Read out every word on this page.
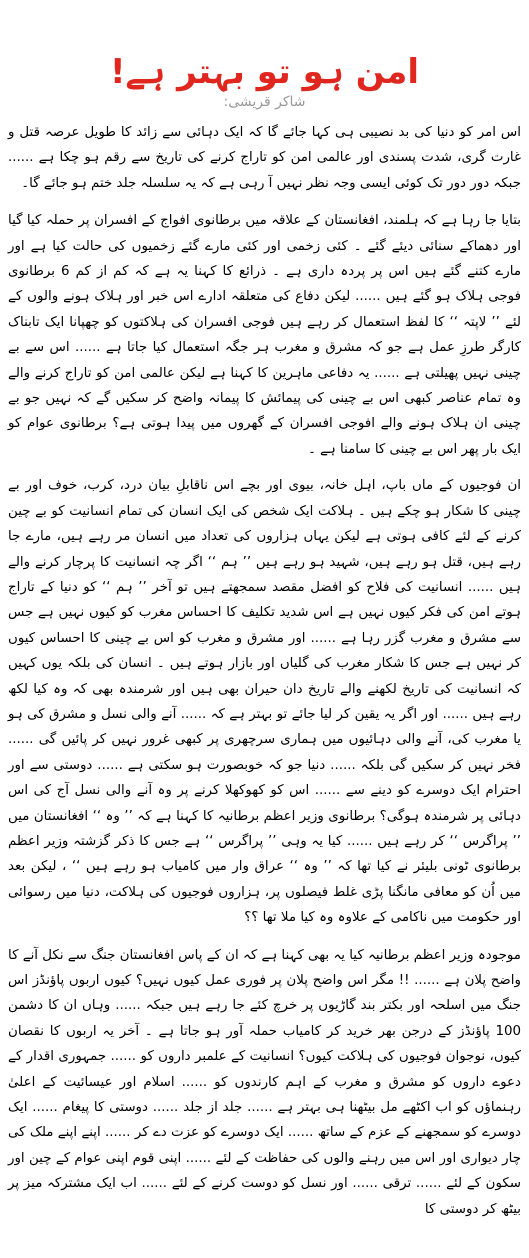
امن ہو تو بہتر ہے!
شاکر قریشی:

اس امر کو دنیا کی بد نصیبی ہی کہا جائے گا کہ ایک دہائی سے زائد کا طویل عرصہ قتل و غارت گری، شدت پسندی اور عالمی امن کو تاراج کرنے کی تاریخ سے رقم ہو چکا ہے ...... جبکہ دور دور تک کوئی ایسی وجہ نظر نہیں آ رہی ہے کہ یہ سلسلہ جلد ختم ہو جائے گا۔

بتایا جا رہا ہے کہ ہلمند، افغانستان کے علاقہ میں برطانوی افواج کے افسران پر حملہ کیا گیا اور دھماکے سنائی دیئے گئے ۔ کئی زخمی اور کئی مارے گئے زخمیوں کی حالت کیا ہے اور مارے کتنے گئے ہیں اس پر پردہ داری ہے ۔ ذرائع کا کہنا یہ ہے کہ کم از کم 6 برطانوی فوجی ہلاک ہو گئے ہیں ...... لیکن دفاع کی متعلقہ ادارے اس خبر اور ہلاک ہونے والوں کے لئے ’’ لاپتہ ‘‘ کا لفظ استعمال کر رہے ہیں فوجی افسران کی ہلاکتوں کو چھپانا ایک تابناک کارگر طرزِ عمل ہے جو کہ مشرق و مغرب ہر جگہ استعمال کیا جاتا ہے ...... اس سے بے چینی نہیں پھیلتی ہے ...... یہ دفاعی ماہرین کا کہنا ہے لیکن عالمی امن کو تاراج کرنے والے وہ تمام عناصر کبھی اس بے چینی کی پیمائش کا پیمانہ واضح کر سکیں گے کہ نہیں جو بے چینی ان ہلاک ہونے والے افوجی افسران کے گھروں میں پیدا ہوتی ہے؟ برطانوی عوام کو ایک بار پھر اس بے چینی کا سامنا ہے ۔

ان فوجیوں کے ماں باپ، اہل خانہ، بیوی اور بچے اس ناقابلِ بیان درد، کرب، خوف اور بے چینی کا شکار ہو چکے ہیں ۔ ہلاکت ایک شخص کی ایک انسان کی تمام انسانیت کو بے چین کرنے کے لئے کافی ہوتی ہے لیکن یہاں ہزاروں کی تعداد میں انسان مر رہے ہیں، مارے جا رہے ہیں، قتل ہو رہے ہیں، شہید ہو رہے ہیں ’’ ہم ‘‘ اگر چہ انسانیت کا پرچار کرنے والے ہیں ...... انسانیت کی فلاح کو افضل مقصد سمجھتے ہیں تو آخر ’’ ہم ‘‘ کو دنیا کے تاراج ہوتے امن کی فکر کیوں نہیں ہے اس شدید تکلیف کا احساس مغرب کو کیوں نہیں ہے جس سے مشرق و مغرب گزر رہا ہے ...... اور مشرق و مغرب کو اس بے چینی کا احساس کیوں کر نہیں ہے جس کا شکار مغرب کی گلیاں اور بازار ہوتے ہیں ۔ انسان کی بلکہ یوں کہیں کہ انسانیت کی تاریخ لکھنے والے تاریخ دان حیران بھی ہیں اور شرمندہ بھی کہ وہ کیا لکھ رہے ہیں ...... اور اگر یہ یقین کر لیا جائے تو بہتر ہے کہ ...... آنے والی نسل و مشرق کی ہو یا مغرب کی، آنے والی دہائیوں میں ہماری سرچھری پر کبھی غرور نہیں کر پائیں گی ...... فخر نہیں کر سکیں گی بلکہ ...... دنیا جو کہ خوبصورت ہو سکتی ہے ...... دوستی سے اور احترام ایک دوسرے کو دینے سے ...... اس کو کھوکھلا کرنے پر وہ آنے والی نسل آج کی اس دہائی پر شرمندہ ہوگی؟ برطانوی وزیر اعظم برطانیہ کا کہنا ہے کہ ’’ وہ ‘‘ افغانستان میں ’’ پراگرس ‘‘ کر رہے ہیں ...... کیا یہ وہی ’’ پراگرس ‘‘ ہے جس کا ذکر گزشتہ وزیر اعظم برطانوی ٹونی بلیئر نے کیا تھا کہ ’’ وہ ‘‘ عراق وار میں کامیاب ہو رہے ہیں ‘‘ ، لیکن بعد میں اُن کو معافی مانگنا پڑی غلط فیصلوں پر، ہزاروں فوجیوں کی ہلاکت، دنیا میں رسوائی اور حکومت میں ناکامی کے علاوہ وہ کیا ملا تھا ؟؟

موجودہ وزیر اعظم برطانیہ کیا یہ بھی کہنا ہے کہ ان کے پاس افغانستان جنگ سے نکل آنے کا واضح پلان ہے ...... !! مگر اس واضح پلان پر فوری عمل کیوں نہیں؟ کیوں اربوں پاؤنڈز اس جنگ میں اسلحہ اور بکتر بند گاڑیوں پر خرچ کئے جا رہے ہیں جبکہ ...... وہاں ان کا دشمن 100 پاؤنڈز کے درجن بھر خرید کر کامیاب حملہ آور ہو جاتا ہے ۔ آخر یہ اربوں کا نقصان کیوں، نوجوان فوجیوں کی ہلاکت کیوں؟ انسانیت کے علمبر داروں کو ...... جمہوری اقدار کے دعوے داروں کو مشرق و مغرب کے اہم کارندوں کو ...... اسلام اور عیسائیت کے اعلیٰ رہنماؤں کو اب اکٹھے مل بیٹھنا ہی بہتر ہے ...... جلد از جلد ...... دوستی کا پیغام ...... ایک دوسرے کو سمجھنے کے عزم کے ساتھ ...... ایک دوسرے کو عزت دے کر ...... اپنے اپنے ملک کی چار دیواری اور اس میں رہنے والوں کی حفاظت کے لئے ...... اپنی قوم اپنی عوام کے چین اور سکون کے لئے ...... ترقی ...... اور نسل کو دوست کرنے کے لئے ...... اب ایک مشترکہ میز پر بیٹھ کر دوستی کا
